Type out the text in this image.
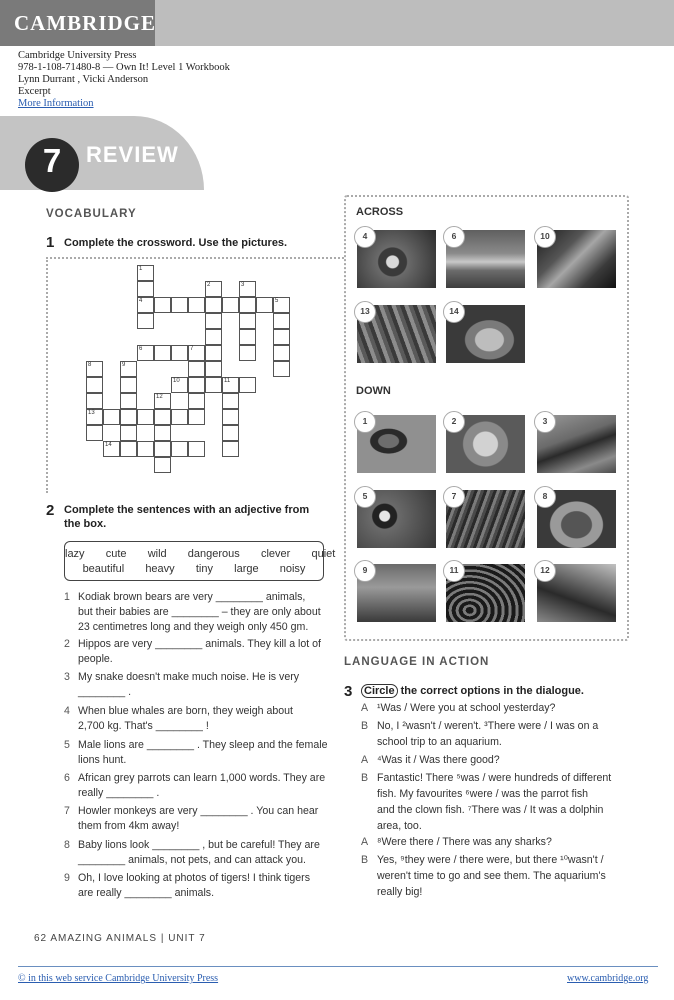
CAMBRIDGE
Cambridge University Press
978-1-108-71480-8 — Own It! Level 1 Workbook
Lynn Durrant , Vicki Anderson
Excerpt
More Information
7	REVIEW
VOCABULARY
1 Complete the crossword. Use the pictures.
1
4	5
2	3
6	7
8
13
9
10	11
12
14
2 Complete the sentences with an adjective from
the box.
lazy   cute   wild   dangerous   clever   quiet
beautiful   heavy   tiny   large   noisy
1 Kodiak brown bears are very ________ animals,
but their babies are ________ – they are only about
23 centimetres long and they weigh only 450 gm.
2 Hippos are very ________ animals. They kill a lot of
people.
3 My snake doesn't make much noise. He is very
________ .
4 When blue whales are born, they weigh about
2,700 kg. That's ________ !
5 Male lions are ________ . They sleep and the female
lions hunt.
6 African grey parrots can learn 1,000 words. They are
really ________ .
7 Howler monkeys are very ________ . You can hear
them from 4km away!
8 Baby lions look ________ , but be careful! They are
________ animals, not pets, and can attack you.
9 Oh, I love looking at photos of tigers! I think tigers
are really ________ animals.
ACROSS
DOWN
4	6	10
13	14
1	2	3
5	7	8
9	11	12
LANGUAGE IN ACTION
3 Circle the correct options in the dialogue.
A ¹Was / Were you at school yesterday?
B No, I ²wasn't / weren't. ³There were / I was on a
school trip to an aquarium.
A ⁴Was it / Was there good?
B Fantastic! There ⁵was / were hundreds of different
fish. My favourites ⁶were / was the parrot fish
and the clown fish. ⁷There was / It was a dolphin
area, too.
A ⁸Were there / There was any sharks?
B Yes, ⁹they were / there were, but there ¹⁰wasn't /
weren't time to go and see them. The aquarium's
really big!
62 AMAZING ANIMALS | UNIT 7
© in this web service Cambridge University Press	www.cambridge.org
